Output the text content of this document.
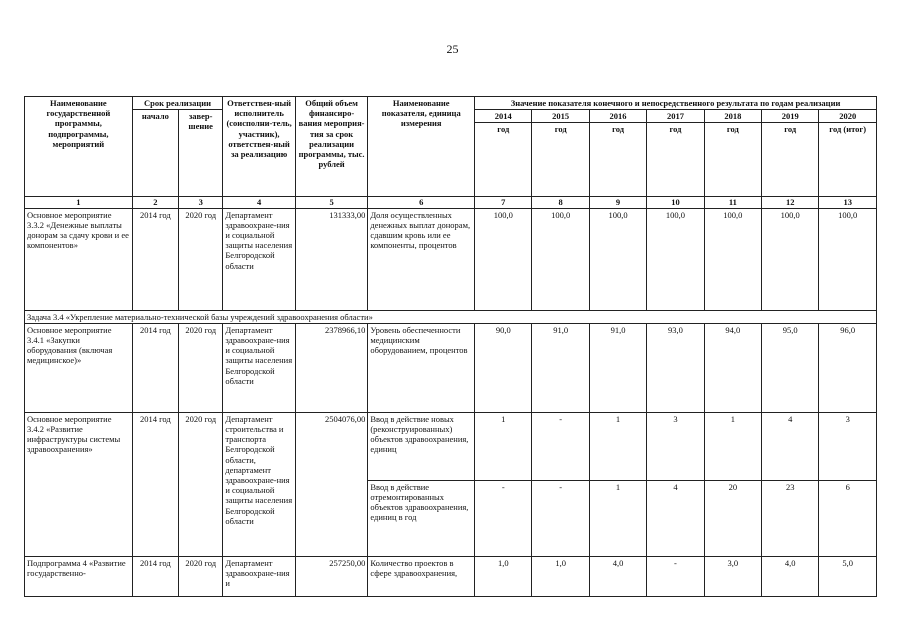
25
Наименование государственной программы, подпрограммы, мероприятий	Срок реализации		Ответствен-ный исполнитель (соисполни-тель, участник), ответствен-ный за реализацию	Общий объем финансиро-вания мероприя-тия за срок реализации программы, тыс. рублей	Наименование показателя, единица измерения	Значение показателя конечного и непосредственного результата по годам реализации						
	начало	завер-шение				2014	2015	2016	2017	2018	2019	2020
						год	год	год	год	год	год	год (итог)
1	2	3	4	5	6	7	8	9	10	11	12	13
Основное мероприятие 3.3.2 «Денежные выплаты донорам за сдачу крови и ее компонентов»	2014 год	2020 год	Департамент здравоохране-ния и социальной защиты населения Белгородской области	131333,00	Доля осуществленных денежных выплат донорам, сдавшим кровь или ее компоненты, процентов	100,0	100,0	100,0	100,0	100,0	100,0	100,0
Задача 3.4 «Укрепление материально-технической базы учреждений здравоохранения области»												
Основное мероприятие 3.4.1 «Закупки оборудования (включая медицинское)»	2014 год	2020 год	Департамент здравоохране-ния и социальной защиты населения Белгородской области	2378966,10	Уровень обеспеченности медицинским оборудованием, процентов	90,0	91,0	91,0	93,0	94,0	95,0	96,0
Основное мероприятие 3.4.2 «Развитие инфраструктуры системы здравоохранения»	2014 год	2020 год	Департамент строительства и транспорта Белгородской области, департамент здравоохране-ния и социальной защиты населения Белгородской области	2504076,00	Ввод в действие новых (реконструированных) объектов здравоохранения, единиц	1	-	1	3	1	4	3
					Ввод в действие отремонтированных объектов здравоохранения, единиц в год	-	-	1	4	20	23	6
Подпрограмма 4 «Развитие государственно-	2014 год	2020 год	Департамент здравоохране-ния и	257250,00	Количество проектов в сфере здравоохранения,	1,0	1,0	4,0	-	3,0	4,0	5,0
